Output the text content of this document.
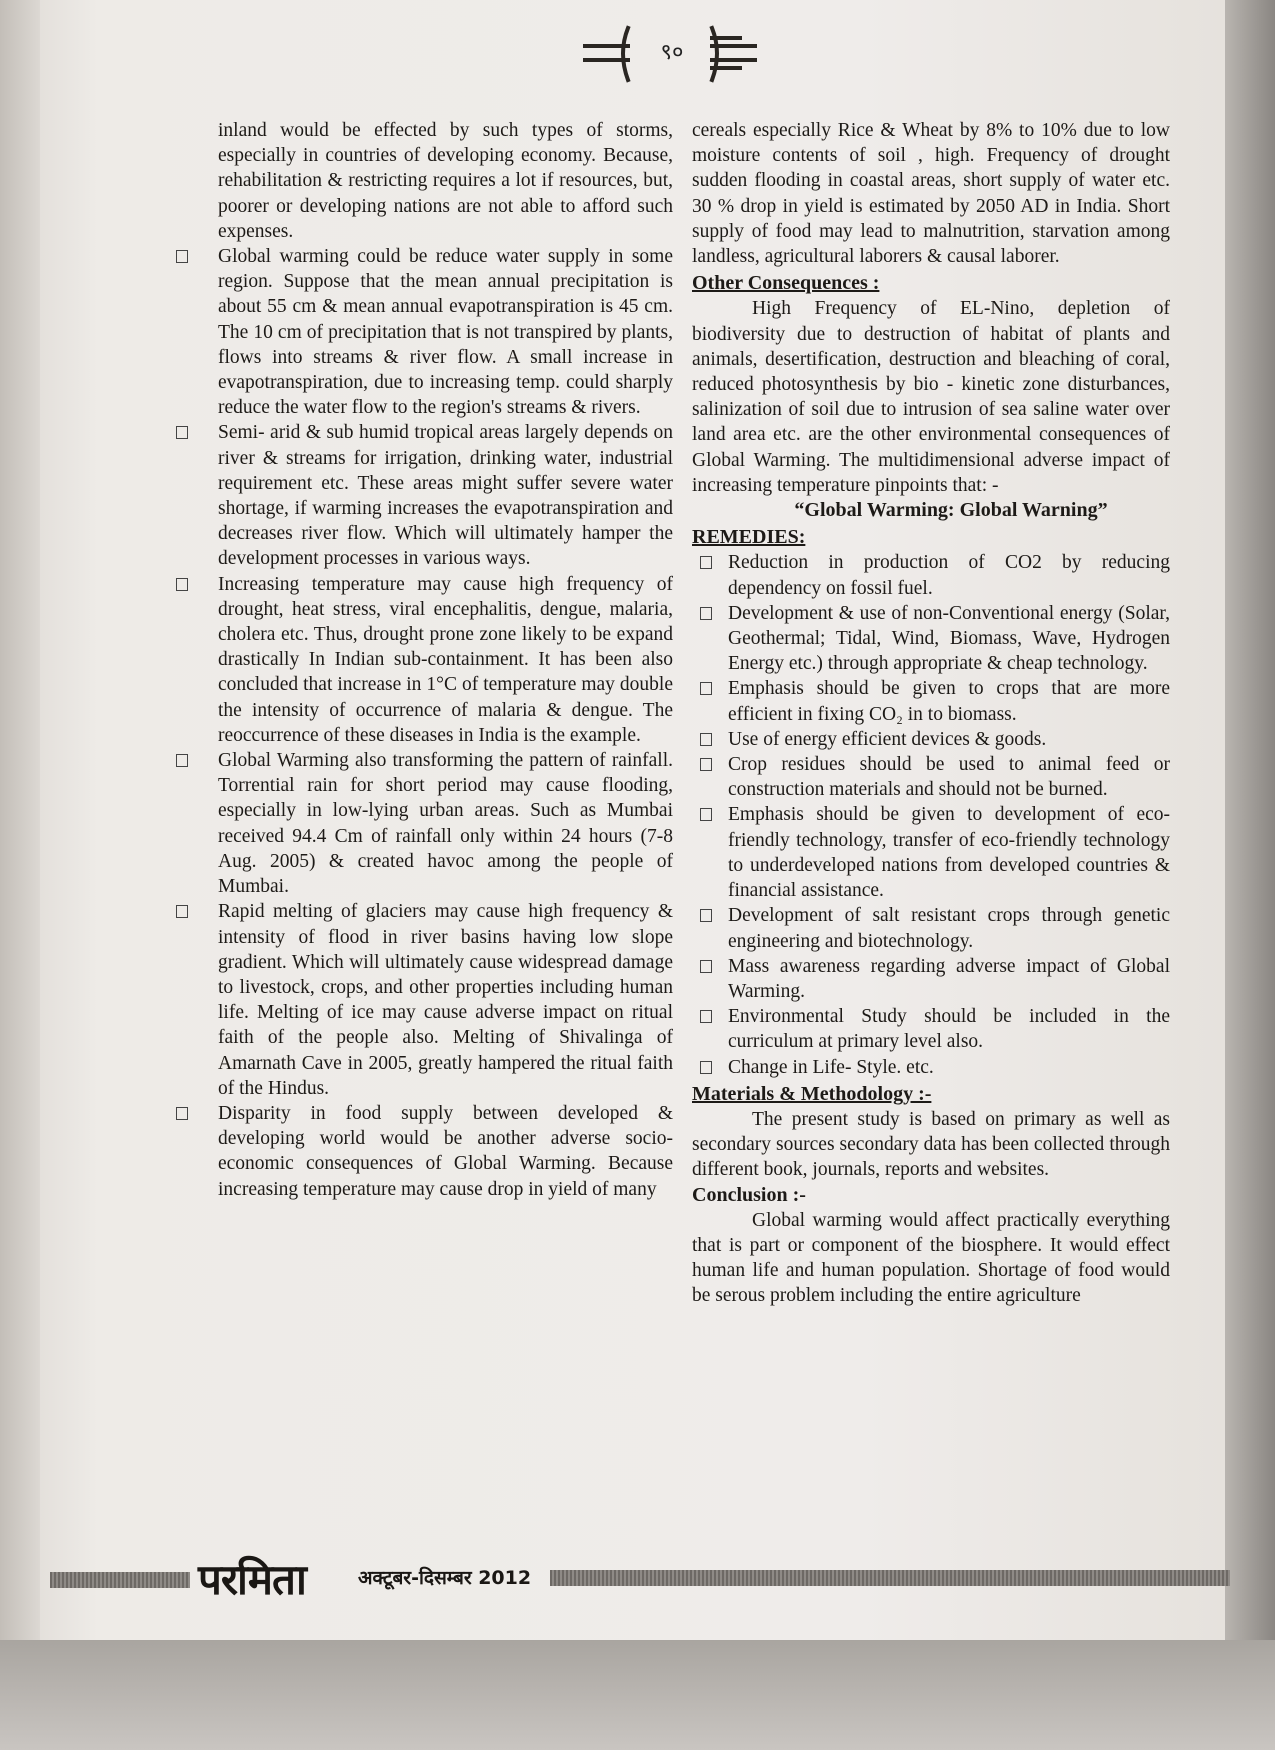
९०

inland would be effected by such types of storms, especially in countries of developing economy. Because, rehabilitation & restricting requires a lot if resources, but, poorer or developing nations are not able to afford such expenses.

Global warming could be reduce water supply in some region. Suppose that the mean annual precipitation is about 55 cm & mean annual evapotranspiration is 45 cm. The 10 cm of precipitation that is not transpired by plants, flows into streams & river flow. A small increase in evapotranspiration, due to increasing temp. could sharply reduce the water flow to the region's streams & rivers.
Semi- arid & sub humid tropical areas largely depends on river & streams for irrigation, drinking water, industrial requirement etc. These areas might suffer severe water shortage, if warming increases the evapotranspiration and decreases river flow. Which will ultimately hamper the development processes in various ways.
Increasing temperature may cause high frequency of drought, heat stress, viral encephalitis, dengue, malaria, cholera etc. Thus, drought prone zone likely to be expand drastically In Indian sub-containment. It has been also concluded that increase in 1°C of temperature may double the intensity of occurrence of malaria & dengue. The reoccurrence of these diseases in India is the example.
Global Warming also transforming the pattern of rainfall. Torrential rain for short period may cause flooding, especially in low-lying urban areas. Such as Mumbai received 94.4 Cm of rainfall only within 24 hours (7-8 Aug. 2005) & created havoc among the people of Mumbai.
Rapid melting of glaciers may cause high frequency & intensity of flood in river basins having low slope gradient. Which will ultimately cause widespread damage to livestock, crops, and other properties including human life. Melting of ice may cause adverse impact on ritual faith of the people also. Melting of Shivalinga of Amarnath Cave in 2005, greatly hampered the ritual faith of the Hindus.
Disparity in food supply between developed & developing world would be another adverse socio-economic consequences of Global Warming. Because increasing temperature may cause drop in yield of many

cereals especially Rice & Wheat by 8% to 10% due to low moisture contents of soil , high. Frequency of drought sudden flooding in coastal areas, short supply of water etc. 30 % drop in yield is estimated by 2050 AD in India. Short supply of food may lead to malnutrition, starvation among landless, agricultural laborers & causal laborer.

Other Consequences :

High Frequency of EL-Nino, depletion of biodiversity due to destruction of habitat of plants and animals, desertification, destruction and bleaching of coral, reduced photosynthesis by bio - kinetic zone disturbances, salinization of soil due to intrusion of sea saline water over land area etc. are the other environmental consequences of Global Warming. The multidimensional adverse impact of increasing temperature pinpoints that: -

“Global Warming: Global Warning”
REMEDIES:
Reduction in production of CO2 by reducing dependency on fossil fuel.
Development & use of non-Conventional energy (Solar, Geothermal; Tidal, Wind, Biomass, Wave, Hydrogen Energy etc.) through appropriate & cheap technology.
Emphasis should be given to crops that are more efficient in fixing CO₂ in to biomass.
Use of energy efficient devices & goods.
Crop residues should be used to animal feed or construction materials and should not be burned.
Emphasis should be given to development of eco-friendly technology, transfer of eco-friendly technology to underdeveloped nations from developed countries & financial assistance.
Development of salt resistant crops through genetic engineering and biotechnology.
Mass awareness regarding adverse impact of Global Warming.
Environmental Study should be included in the curriculum at primary level also.
Change in Life- Style. etc.
Materials & Methodology :-

The present study is based on primary as well as secondary sources secondary data has been collected through different book, journals, reports and websites.

Conclusion :-

Global warming would affect practically everything that is part or component of the biosphere. It would effect human life and human population. Shortage of food would be serous problem including the entire agriculture

परमिता	अक्टूबर-दिसम्बर 2012
